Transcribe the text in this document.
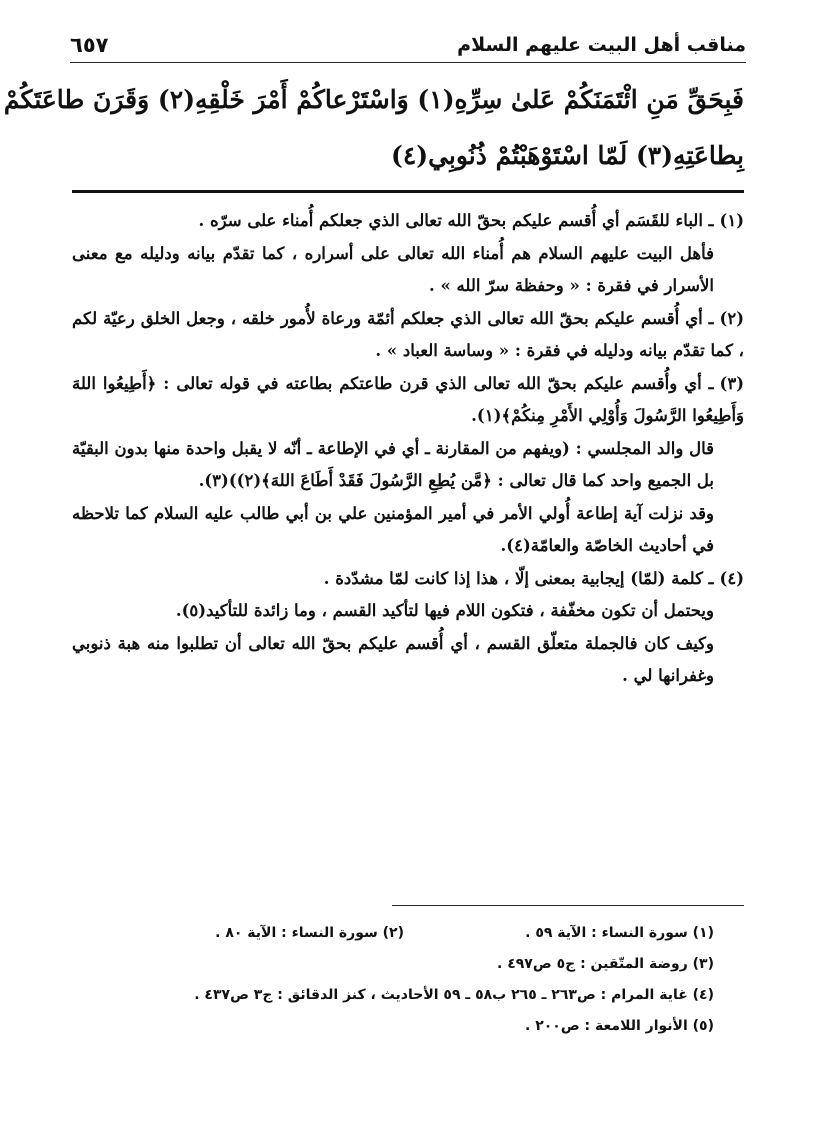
مناقب أهل البيت عليهم السلام
٦٥٧
فَبِحَقِّ مَنِ ائْتَمَنَكُمْ عَلىٰ سِرِّهِ(١) وَاسْتَرْعاكُمْ أَمْرَ خَلْقِهِ(٢) وَقَرَنَ طاعَتَكُمْ
بِطاعَتِهِ(٣) لَمّا اسْتَوْهَبْتُمْ ذُنُوبِي(٤)

(١)ـ الباء للقَسَم أي أُقسم عليكم بحقّ الله تعالى الذي جعلكم أُمناء على سرّه .

فأهل البيت عليهم السلام هم أُمناء الله تعالى على أسراره ، كما تقدّم بيانه ودليله مع معنى الأسرار في فقرة : « وحفظة سرّ الله » .

(٢)ـ أي أُقسم عليكم بحقّ الله تعالى الذي جعلكم أئمّة ورعاة لأُمور خلقه ، وجعل الخلق رعيّة لكم ، كما تقدّم بيانه ودليله في فقرة : « وساسة العباد » .

(٣)ـ أي وأُقسم عليكم بحقّ الله تعالى الذي قرن طاعتكم بطاعته في قوله تعالى : ﴿أَطِيعُوا اللهَ وَأَطِيعُوا الرَّسُولَ وَأُوْلِي الأَمْرِ مِنكُمْ﴾(١).

قال والد المجلسي : (ويفهم من المقارنة ـ أي في الإطاعة ـ أنّه لا يقبل واحدة منها بدون البقيّة بل الجميع واحد كما قال تعالى : ﴿مَّن يُطِعِ الرَّسُولَ فَقَدْ أَطَاعَ اللهَ﴾(٢))(٣).

وقد نزلت آية إطاعة أُولي الأمر في أمير المؤمنين علي بن أبي طالب عليه السلام كما تلاحظه في أحاديث الخاصّة والعامّة(٤).

(٤)ـ كلمة (لمّا) إيجابية بمعنى إلّا ، هذا إذا كانت لمّا مشدّدة .

ويحتمل أن تكون مخفّفة ، فتكون اللام فيها لتأكيد القسم ، وما زائدة للتأكيد(٥).

وكيف كان فالجملة متعلّق القسم ، أي أُقسم عليكم بحقّ الله تعالى أن تطلبوا منه هبة ذنوبي وغفرانها لي .

(١) سورة النساء : الآية ٥٩ .
(٢) سورة النساء : الآية ٨٠ .
(٣) روضة المتّقين : ج٥ ص٤٩٧ .
(٤) غاية المرام : ص٢٦٣ ـ ٢٦٥ ب٥٨ ـ ٥٩ الأحاديث ، كنز الدقائق : ج٣ ص٤٣٧ .
(٥) الأنوار اللامعة : ص٢٠٠ .
